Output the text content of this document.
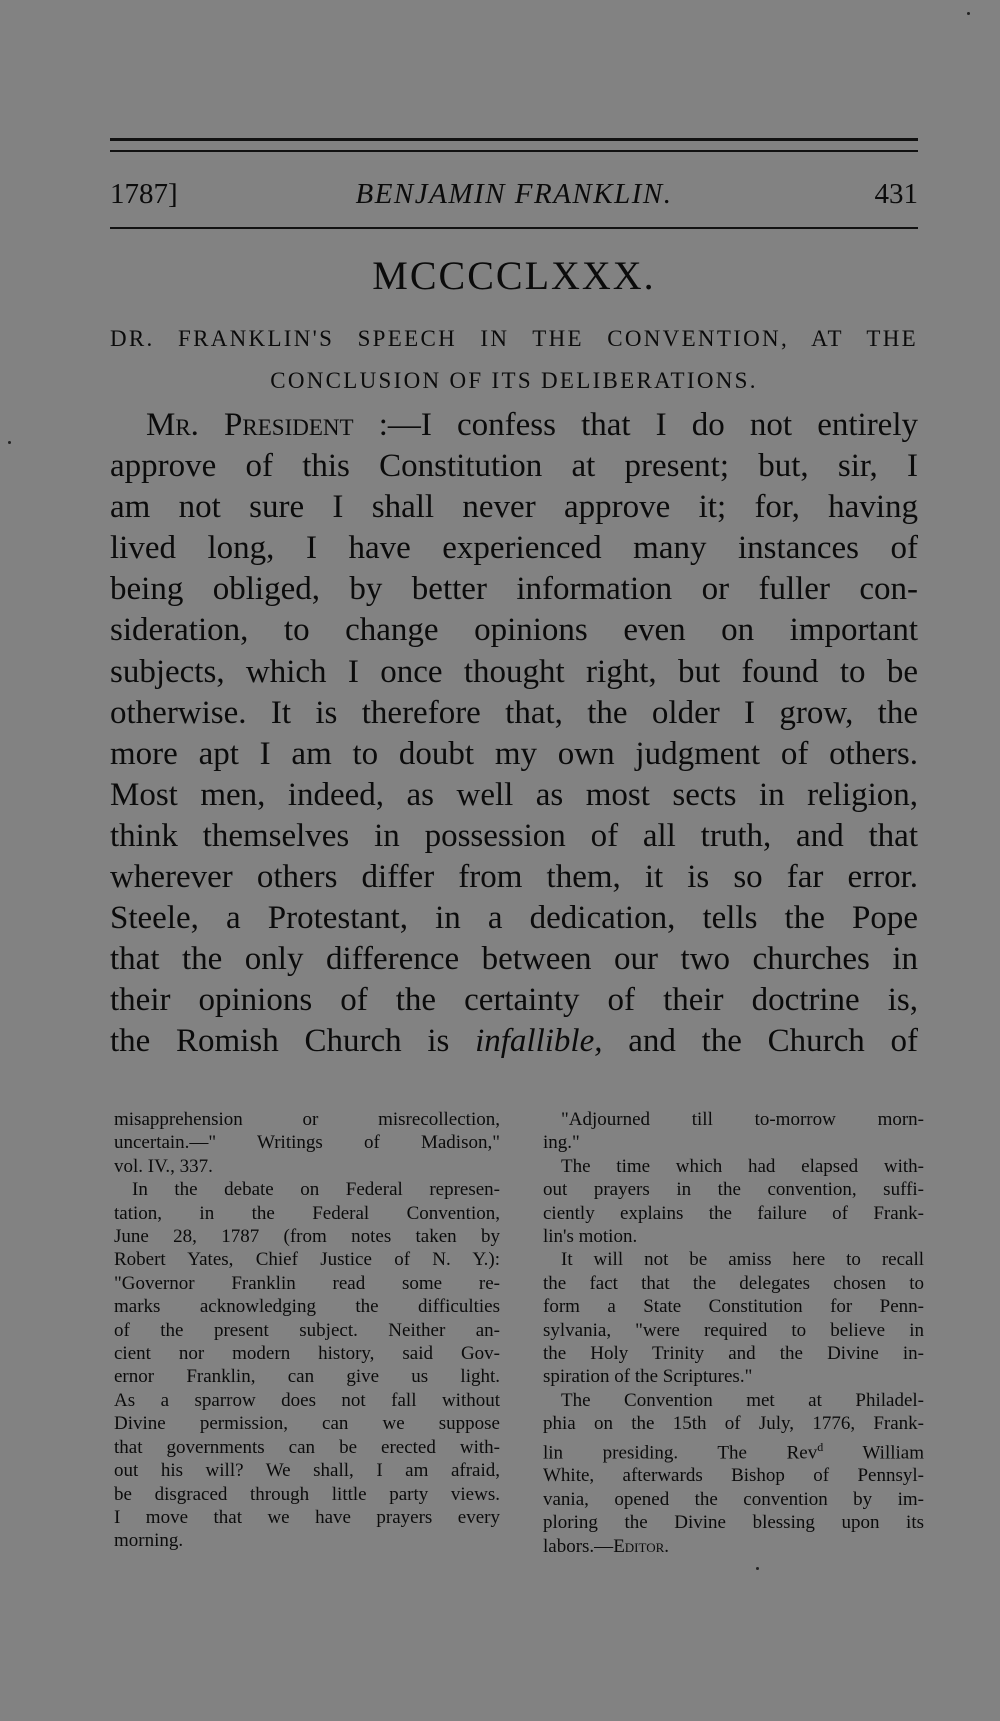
1787]	BENJAMIN FRANKLIN.	431
MCCCCLXXX.
DR. FRANKLIN'S SPEECH IN THE CONVENTION, AT THE
CONCLUSION OF ITS DELIBERATIONS.
Mr. President :—I confess that I do not entirely
approve of this Constitution at present; but, sir, I
am not sure I shall never approve it; for, having
lived long, I have experienced many instances of
being obliged, by better information or fuller con-
sideration, to change opinions even on important
subjects, which I once thought right, but found to be
otherwise. It is therefore that, the older I grow, the
more apt I am to doubt my own judgment of others.
Most men, indeed, as well as most sects in religion,
think themselves in possession of all truth, and that
wherever others differ from them, it is so far error.
Steele, a Protestant, in a dedication, tells the Pope
that the only difference between our two churches in
their opinions of the certainty of their doctrine is,
the Romish Church is infallible, and the Church of
misapprehension or misrecollection,
uncertain.—" Writings of Madison,"
vol. IV., 337.
In the debate on Federal represen-
tation, in the Federal Convention,
June 28, 1787 (from notes taken by
Robert Yates, Chief Justice of N. Y.):
"Governor Franklin read some re-
marks acknowledging the difficulties
of the present subject. Neither an-
cient nor modern history, said Gov-
ernor Franklin, can give us light.
As a sparrow does not fall without
Divine permission, can we suppose
that governments can be erected with-
out his will? We shall, I am afraid,
be disgraced through little party views.
I move that we have prayers every
morning.
"Adjourned till to-morrow morn-
ing."
The time which had elapsed with-
out prayers in the convention, suffi-
ciently explains the failure of Frank-
lin's motion.
It will not be amiss here to recall
the fact that the delegates chosen to
form a State Constitution for Penn-
sylvania, "were required to believe in
the Holy Trinity and the Divine in-
spiration of the Scriptures."
The Convention met at Philadel-
phia on the 15th of July, 1776, Frank-
lin presiding. The Rev$^d$ William
White, afterwards Bishop of Pennsyl-
vania, opened the convention by im-
ploring the Divine blessing upon its
labors.—Editor.
